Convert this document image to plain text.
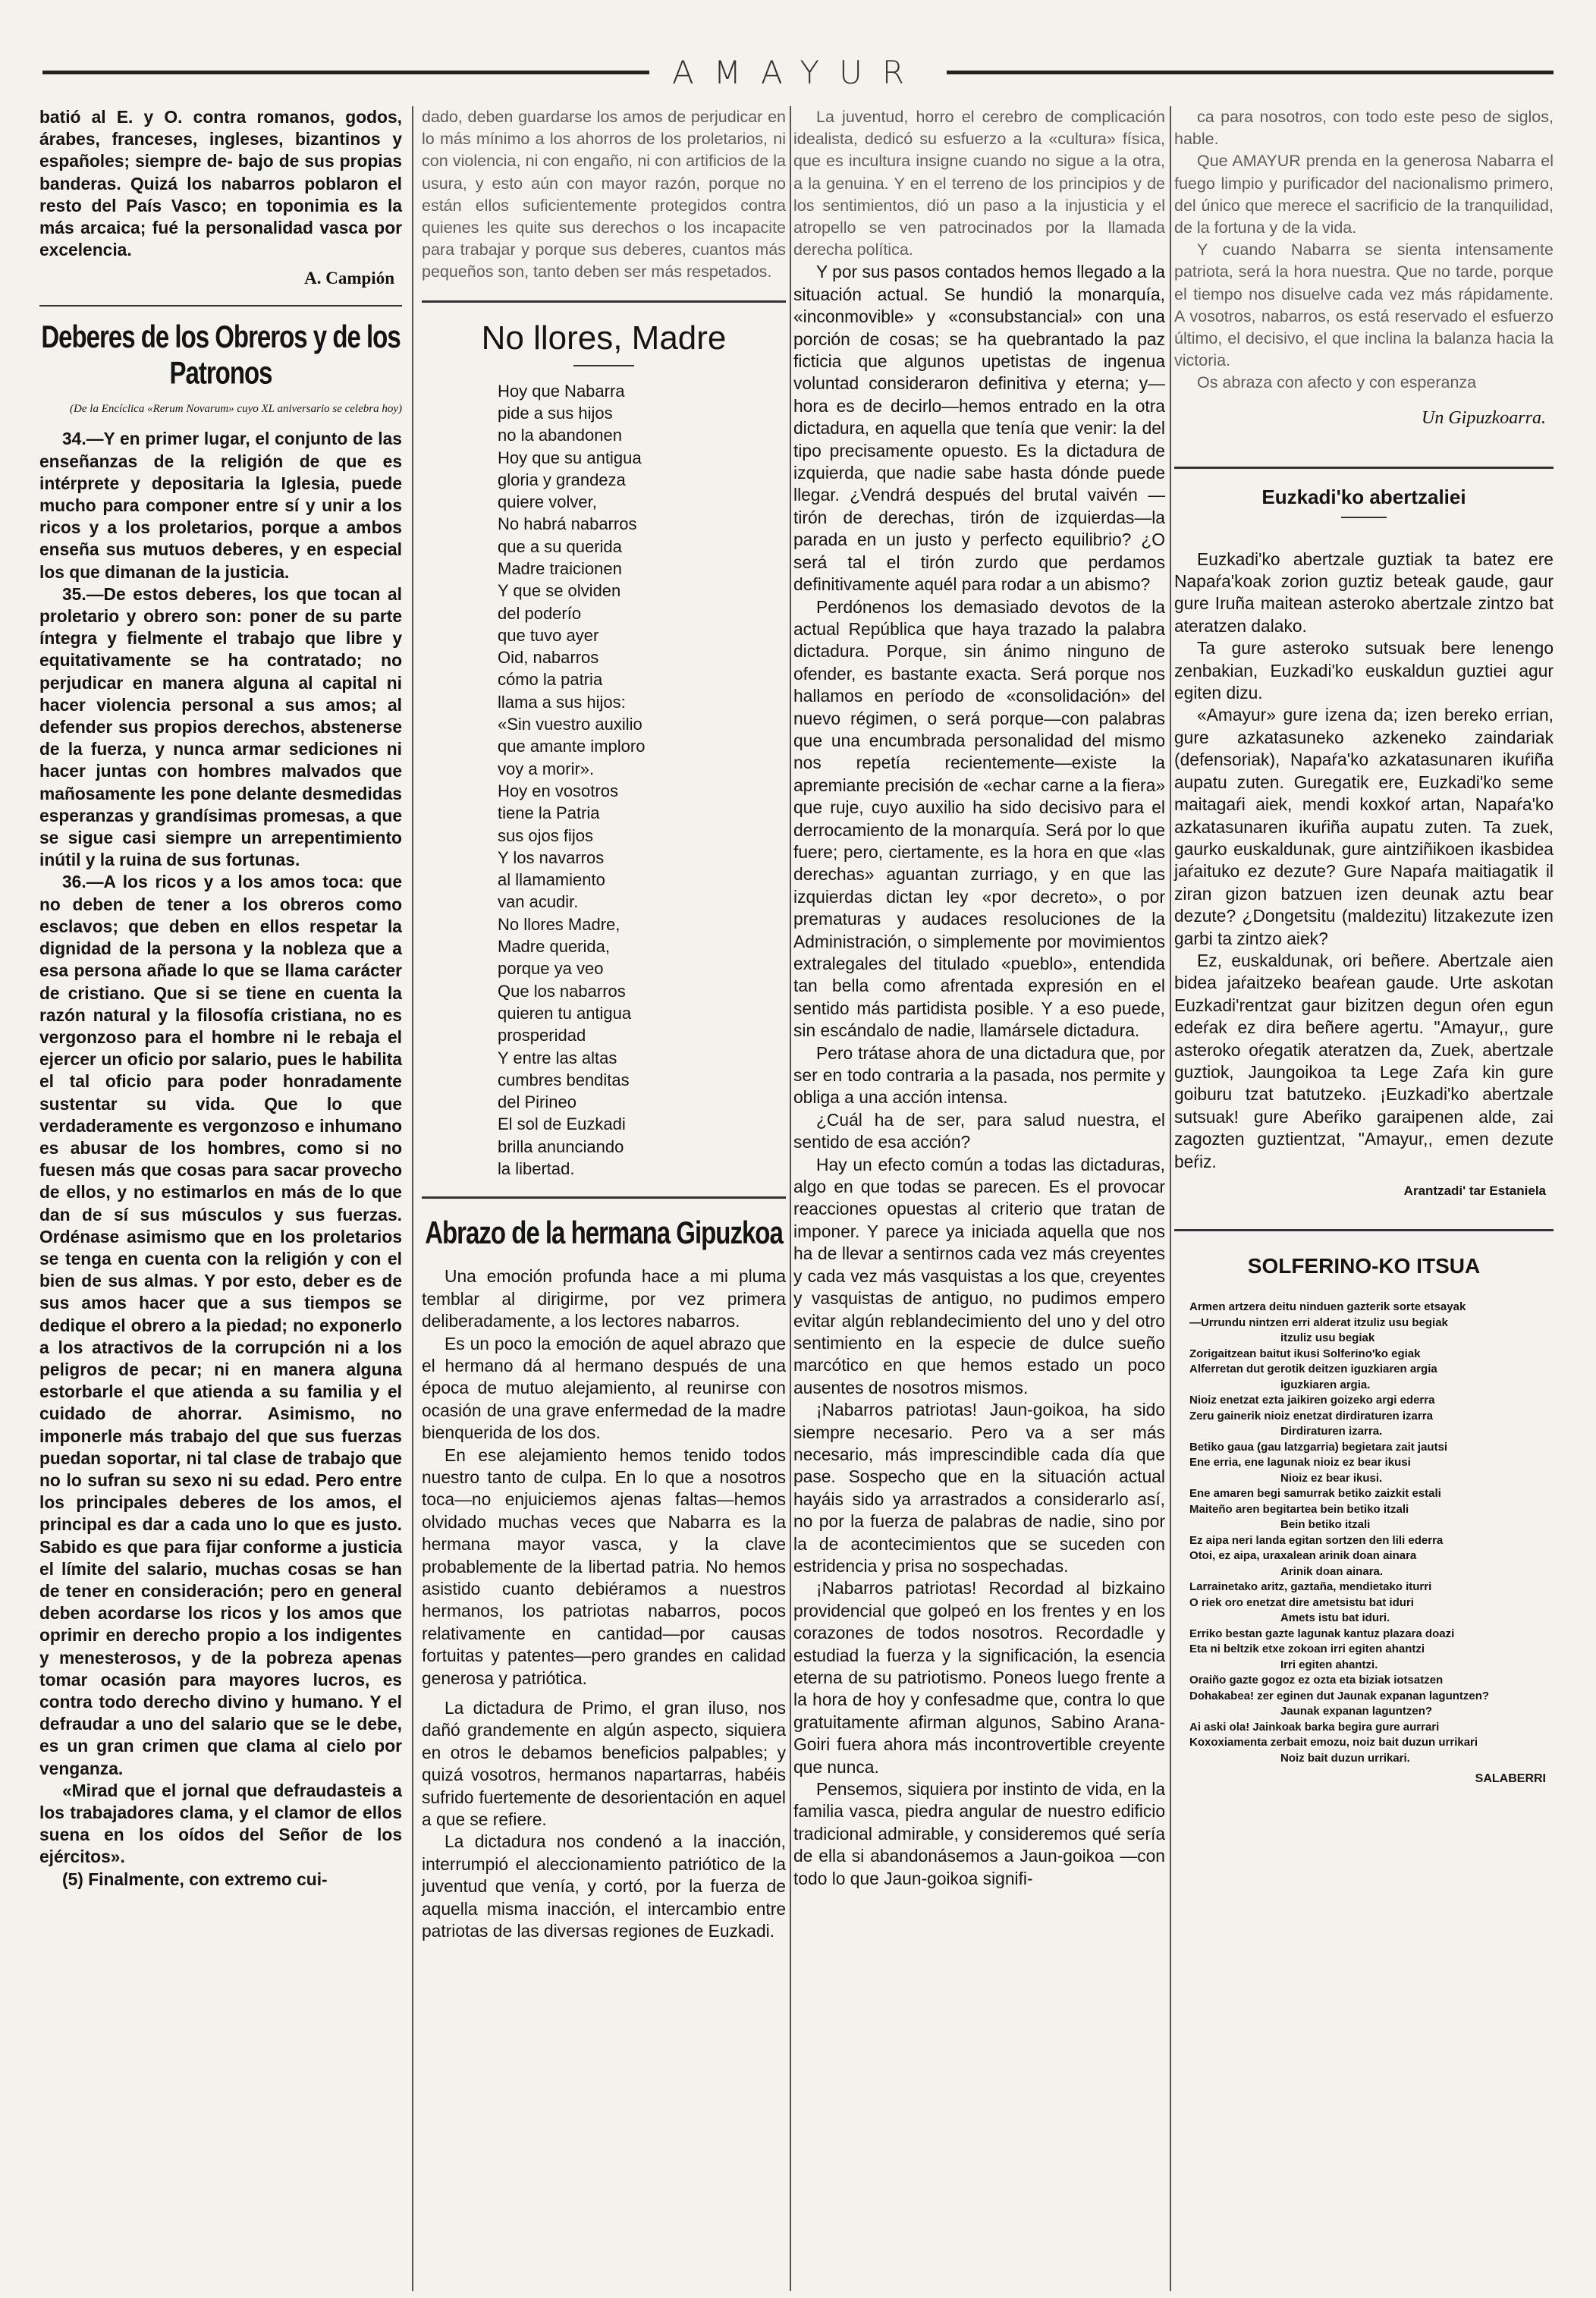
AMAYUR

batió al E. y O. contra romanos, godos, árabes, franceses, ingleses, bizantinos y españoles; siempre de- bajo de sus propias banderas. Quizá los nabarros poblaron el resto del País Vasco; en toponimia es la más arcaica; fué la personalidad vasca por excelencia.

A. Campión
Deberes de los Obreros y de los Patronos
(De la Encíclica «Rerum Novarum» cuyo XL aniversario se celebra hoy)

34.—Y en primer lugar, el conjunto de las enseñanzas de la religión de que es intérprete y depositaria la Iglesia, puede mucho para componer entre sí y unir a los ricos y a los proletarios, porque a ambos enseña sus mutuos deberes, y en especial los que dimanan de la justicia.

35.—De estos deberes, los que tocan al proletario y obrero son: poner de su parte íntegra y fielmente el trabajo que libre y equitativamente se ha contratado; no perjudicar en manera alguna al capital ni hacer violencia personal a sus amos; al defender sus propios derechos, abstenerse de la fuerza, y nunca armar sediciones ni hacer juntas con hombres malvados que mañosamente les pone delante desmedidas esperanzas y grandísimas promesas, a que se sigue casi siempre un arrepentimiento inútil y la ruina de sus fortunas.

36.—A los ricos y a los amos toca: que no deben de tener a los obreros como esclavos; que deben en ellos respetar la dignidad de la persona y la nobleza que a esa persona añade lo que se llama carácter de cristiano. Que si se tiene en cuenta la razón natural y la filosofía cristiana, no es vergonzoso para el hombre ni le rebaja el ejercer un oficio por salario, pues le habilita el tal oficio para poder honradamente sustentar su vida. Que lo que verdaderamente es vergonzoso e inhumano es abusar de los hombres, como si no fuesen más que cosas para sacar provecho de ellos, y no estimarlos en más de lo que dan de sí sus músculos y sus fuerzas. Ordénase asimismo que en los proletarios se tenga en cuenta con la religión y con el bien de sus almas. Y por esto, deber es de sus amos hacer que a sus tiempos se dedique el obrero a la piedad; no exponerlo a los atractivos de la corrupción ni a los peligros de pecar; ni en manera alguna estorbarle el que atienda a su familia y el cuidado de ahorrar. Asimismo, no imponerle más trabajo del que sus fuerzas puedan soportar, ni tal clase de trabajo que no lo sufran su sexo ni su edad. Pero entre los principales deberes de los amos, el principal es dar a cada uno lo que es justo. Sabido es que para fijar conforme a justicia el límite del salario, muchas cosas se han de tener en consideración; pero en general deben acordarse los ricos y los amos que oprimir en derecho propio a los indigentes y menesterosos, y de la pobreza apenas tomar ocasión para mayores lucros, es contra todo derecho divino y humano. Y el defraudar a uno del salario que se le debe, es un gran crimen que clama al cielo por venganza.

«Mirad que el jornal que defraudasteis a los trabajadores clama, y el clamor de ellos suena en los oídos del Señor de los ejércitos».

(5) Finalmente, con extremo cui-

dado, deben guardarse los amos de perjudicar en lo más mínimo a los ahorros de los proletarios, ni con violencia, ni con engaño, ni con artificios de la usura, y esto aún con mayor razón, porque no están ellos suficientemente protegidos contra quienes les quite sus derechos o los incapacite para trabajar y porque sus deberes, cuantos más pequeños son, tanto deben ser más respetados.

No llores, Madre
Hoy que Nabarra
pide a sus hijos
no la abandonen
Hoy que su antigua
gloria y grandeza
quiere volver,
No habrá nabarros
que a su querida
Madre traicionen
Y que se olviden
del poderío
que tuvo ayer
Oid, nabarros
cómo la patria
llama a sus hijos:
«Sin vuestro auxilio
que amante imploro
voy a morir».
Hoy en vosotros
tiene la Patria
sus ojos fijos
Y los navarros
al llamamiento
van acudir.
No llores Madre,
Madre querida,
porque ya veo
Que los nabarros
quieren tu antigua
prosperidad
Y entre las altas
cumbres benditas
del Pirineo
El sol de Euzkadi
brilla anunciando
la libertad.
Abrazo de la hermana Gipuzkoa

Una emoción profunda hace a mi pluma temblar al dirigirme, por vez primera deliberadamente, a los lectores nabarros.

Es un poco la emoción de aquel abrazo que el hermano dá al hermano después de una época de mutuo alejamiento, al reunirse con ocasión de una grave enfermedad de la madre bienquerida de los dos.

En ese alejamiento hemos tenido todos nuestro tanto de culpa. En lo que a nosotros toca—no enjuiciemos ajenas faltas—hemos olvidado muchas veces que Nabarra es la hermana mayor vasca, y la clave probablemente de la libertad patria. No hemos asistido cuanto debiéramos a nuestros hermanos, los patriotas nabarros, pocos relativamente en cantidad—por causas fortuitas y patentes—pero grandes en calidad generosa y patriótica.

La dictadura de Primo, el gran iluso, nos dañó grandemente en algún aspecto, siquiera en otros le debamos beneficios palpables; y quizá vosotros, hermanos napartarras, habéis sufrido fuertemente de desorientación en aquel a que se refiere.

La dictadura nos condenó a la inacción, interrumpió el aleccionamiento patriótico de la juventud que venía, y cortó, por la fuerza de aquella misma inacción, el intercambio entre patriotas de las diversas regiones de Euzkadi.

La juventud, horro el cerebro de complicación idealista, dedicó su esfuerzo a la «cultura» física, que es incultura insigne cuando no sigue a la otra, a la genuina. Y en el terreno de los principios y de los sentimientos, dió un paso a la injusticia y el atropello se ven patrocinados por la llamada derecha política.

Y por sus pasos contados hemos llegado a la situación actual. Se hundió la monarquía, «inconmovible» y «consubstancial» con una porción de cosas; se ha quebrantado la paz ficticia que algunos upetistas de ingenua voluntad consideraron definitiva y eterna; y—hora es de decirlo—hemos entrado en la otra dictadura, en aquella que tenía que venir: la del tipo precisamente opuesto. Es la dictadura de izquierda, que nadie sabe hasta dónde puede llegar. ¿Vendrá después del brutal vaivén —tirón de derechas, tirón de izquierdas—la parada en un justo y perfecto equilibrio? ¿O será tal el tirón zurdo que perdamos definitivamente aquél para rodar a un abismo?

Perdónenos los demasiado devotos de la actual República que haya trazado la palabra dictadura. Porque, sin ánimo ninguno de ofender, es bastante exacta. Será porque nos hallamos en período de «consolidación» del nuevo régimen, o será porque—con palabras que una encumbrada personalidad del mismo nos repetía recientemente—existe la apremiante precisión de «echar carne a la fiera» que ruje, cuyo auxilio ha sido decisivo para el derrocamiento de la monarquía. Será por lo que fuere; pero, ciertamente, es la hora en que «las derechas» aguantan zurriago, y en que las izquierdas dictan ley «por decreto», o por prematuras y audaces resoluciones de la Administración, o simplemente por movimientos extralegales del titulado «pueblo», entendida tan bella como afrentada expresión en el sentido más partidista posible. Y a eso puede, sin escándalo de nadie, llamársele dictadura.

Pero trátase ahora de una dictadura que, por ser en todo contraria a la pasada, nos permite y obliga a una acción intensa.

¿Cuál ha de ser, para salud nuestra, el sentido de esa acción?

Hay un efecto común a todas las dictaduras, algo en que todas se parecen. Es el provocar reacciones opuestas al criterio que tratan de imponer. Y parece ya iniciada aquella que nos ha de llevar a sentirnos cada vez más creyentes y cada vez más vasquistas a los que, creyentes y vasquistas de antiguo, no pudimos empero evitar algún reblandecimiento del uno y del otro sentimiento en la especie de dulce sueño marcótico en que hemos estado un poco ausentes de nosotros mismos.

¡Nabarros patriotas! Jaun-goikoa, ha sido siempre necesario. Pero va a ser más necesario, más imprescindible cada día que pase. Sospecho que en la situación actual hayáis sido ya arrastrados a considerarlo así, no por la fuerza de palabras de nadie, sino por la de acontecimientos que se suceden con estridencia y prisa no sospechadas.

¡Nabarros patriotas! Recordad al bizkaino providencial que golpeó en los frentes y en los corazones de todos nosotros. Recordadle y estudiad la fuerza y la significación, la esencia eterna de su patriotismo. Poneos luego frente a la hora de hoy y confesadme que, contra lo que gratuitamente afirman algunos, Sabino Arana-Goiri fuera ahora más incontrovertible creyente que nunca.

Pensemos, siquiera por instinto de vida, en la familia vasca, piedra angular de nuestro edificio tradicional admirable, y consideremos qué sería de ella si abandonásemos a Jaun-goikoa —con todo lo que Jaun-goikoa signifi-

ca para nosotros, con todo este peso de siglos, hable.

Que AMAYUR prenda en la generosa Nabarra el fuego limpio y purificador del nacionalismo primero, del único que merece el sacrificio de la tranquilidad, de la fortuna y de la vida.

Y cuando Nabarra se sienta intensamente patriota, será la hora nuestra. Que no tarde, porque el tiempo nos disuelve cada vez más rápidamente. A vosotros, nabarros, os está reservado el esfuerzo último, el decisivo, el que inclina la balanza hacia la victoria.

Os abraza con afecto y con esperanza

Un Gipuzkoarra.
Euzkadi'ko abertzaliei

Euzkadi'ko abertzale guztiak ta batez ere Napaŕa'koak zorion guztiz beteak gaude, gaur gure Iruña maitean asteroko abertzale zintzo bat ateratzen dalako.

Ta gure asteroko sutsuak bere lenengo zenbakian, Euzkadi'ko euskaldun guztiei agur egiten dizu.

«Amayur» gure izena da; izen bereko errian, gure azkatasuneko azkeneko zaindariak (defensoriak), Napaŕa'ko azkatasunaren ikuŕiña aupatu zuten. Guregatik ere, Euzkadi'ko seme maitagaŕi aiek, mendi koxkoŕ artan, Napaŕa'ko azkatasunaren ikuŕiña aupatu zuten. Ta zuek, gaurko euskaldunak, gure aintziñikoen ikasbidea jaŕaituko ez dezute? Gure Napaŕa maitiagatik il ziran gizon batzuen izen deunak aztu bear dezute? ¿Dongetsitu (maldezitu) litzakezute izen garbi ta zintzo aiek?

Ez, euskaldunak, ori beñere. Abertzale aien bidea jaŕaitzeko beaŕean gaude. Urte askotan Euzkadi'rentzat gaur bizitzen degun oŕen egun edeŕak ez dira beñere agertu. "Amayur,, gure asteroko oŕegatik ateratzen da, Zuek, abertzale guztiok, Jaungoikoa ta Lege Zaŕa kin gure goiburu tzat batutzeko. ¡Euzkadi'ko abertzale sutsuak! gure Abeŕiko garaipenen alde, zai zagozten guztientzat, "Amayur,, emen dezute beŕiz.

Arantzadi' tar Estaniela
SOLFERINO-KO ITSUA
Armen artzera deitu ninduen gazterik sorte etsayak
—Urrundu nintzen erri alderat itzuliz usu begiak
itzuliz usu begiak
Zorigaitzean baitut ikusi Solferino'ko egiak
Alferretan dut gerotik deitzen iguzkiaren argia
iguzkiaren argia.
Nioiz enetzat ezta jaikiren goizeko argi ederra
Zeru gainerik nioiz enetzat dirdiraturen izarra
Dirdiraturen izarra.
Betiko gaua (gau latzgarria) begietara zait jautsi
Ene erria, ene lagunak nioiz ez bear ikusi
Nioiz ez bear ikusi.
Ene amaren begi samurrak betiko zaizkit estali
Maiteño aren begitartea bein betiko itzali
Bein betiko itzali
Ez aipa neri landa egitan sortzen den lili ederra
Otoi, ez aipa, uraxalean arinik doan ainara
Arinik doan ainara.
Larrainetako aritz, gaztaña, mendietako iturri
O riek oro enetzat dire ametsistu bat iduri
Amets istu bat iduri.
Erriko bestan gazte lagunak kantuz plazara doazi
Eta ni beltzik etxe zokoan irri egiten ahantzi
Irri egiten ahantzi.
Oraiño gazte gogoz ez ozta eta biziak iotsatzen
Dohakabea! zer eginen dut Jaunak expanan laguntzen?
Jaunak expanan laguntzen?
Ai aski ola! Jainkoak barka begira gure aurrari
Koxoxiamenta zerbait emozu, noiz bait duzun urrikari
Noiz bait duzun urrikari.
SALABERRI
